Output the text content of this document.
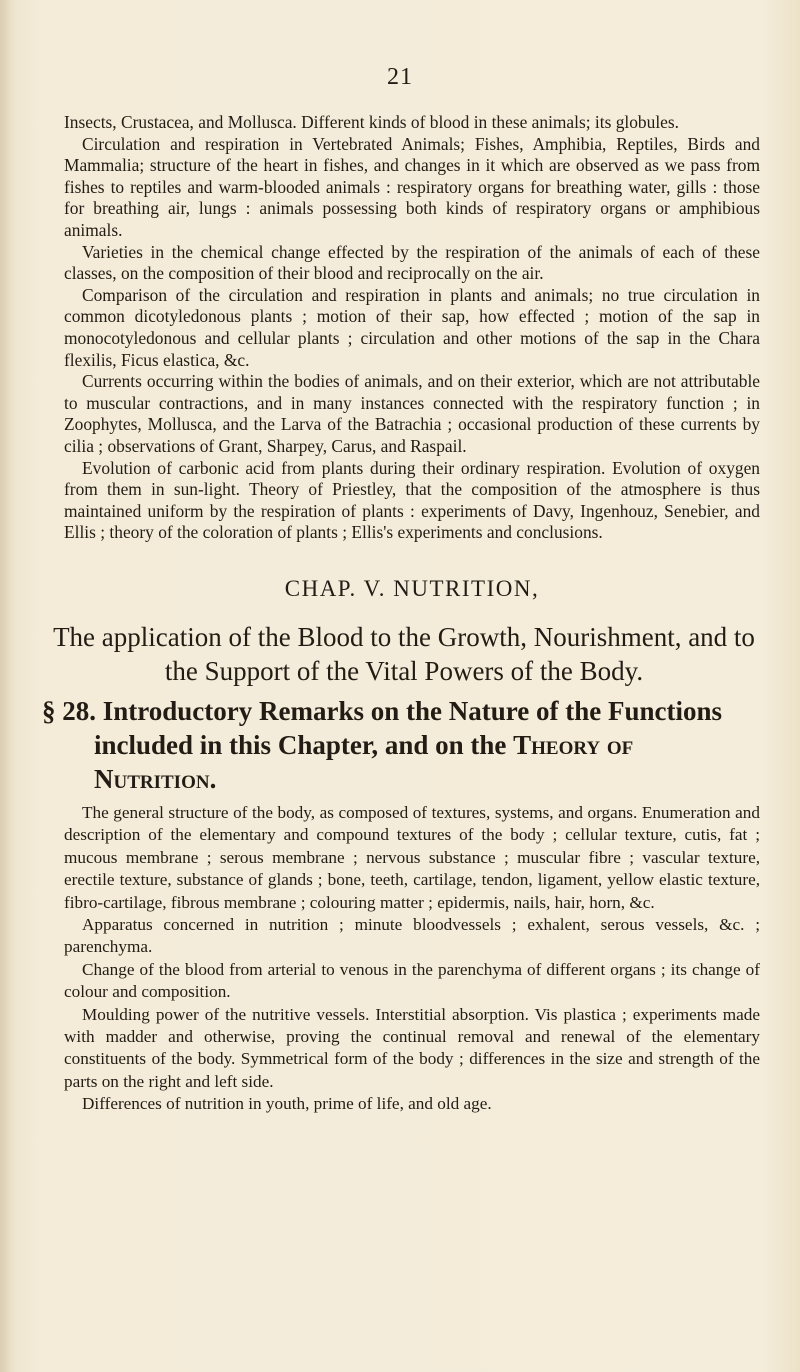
21

Insects, Crustacea, and Mollusca. Different kinds of blood in these animals; its globules.

Circulation and respiration in Vertebrated Animals; Fishes, Amphibia, Reptiles, Birds and Mammalia; structure of the heart in fishes, and changes in it which are observed as we pass from fishes to reptiles and warm-blooded animals : respiratory organs for breathing water, gills : those for breathing air, lungs : animals possessing both kinds of respiratory organs or amphibious animals.

Varieties in the chemical change effected by the respiration of the animals of each of these classes, on the composition of their blood and reciprocally on the air.

Comparison of the circulation and respiration in plants and animals; no true circulation in common dicotyledonous plants ; motion of their sap, how effected ; motion of the sap in monocotyledonous and cellular plants ; circulation and other motions of the sap in the Chara flexilis, Ficus elastica, &c.

Currents occurring within the bodies of animals, and on their exterior, which are not attributable to muscular contractions, and in many instances connected with the respiratory function ; in Zoophytes, Mollusca, and the Larva of the Batrachia ; occasional production of these currents by cilia ; observations of Grant, Sharpey, Carus, and Raspail.

Evolution of carbonic acid from plants during their ordinary respiration. Evolution of oxygen from them in sun-light. Theory of Priestley, that the composition of the atmosphere is thus maintained uniform by the respiration of plants : experiments of Davy, Ingenhouz, Senebier, and Ellis ; theory of the coloration of plants ; Ellis's experiments and conclusions.

CHAP. V. NUTRITION,
The application of the Blood to the Growth, Nourishment, and to the Support of the Vital Powers of the Body.
§ 28. Introductory Remarks on the Nature of the Functions included in this Chapter, and on the Theory of Nutrition.

The general structure of the body, as composed of textures, systems, and organs. Enumeration and description of the elementary and compound textures of the body ; cellular texture, cutis, fat ; mucous membrane ; serous membrane ; nervous substance ; muscular fibre ; vascular texture, erectile texture, substance of glands ; bone, teeth, cartilage, tendon, ligament, yellow elastic texture, fibro-cartilage, fibrous membrane ; colouring matter ; epidermis, nails, hair, horn, &c.

Apparatus concerned in nutrition ; minute bloodvessels ; exhalent, serous vessels, &c. ; parenchyma.

Change of the blood from arterial to venous in the parenchyma of different organs ; its change of colour and composition.

Moulding power of the nutritive vessels. Interstitial absorption. Vis plastica ; experiments made with madder and otherwise, proving the continual removal and renewal of the elementary constituents of the body. Symmetrical form of the body ; differences in the size and strength of the parts on the right and left side.

Differences of nutrition in youth, prime of life, and old age.
